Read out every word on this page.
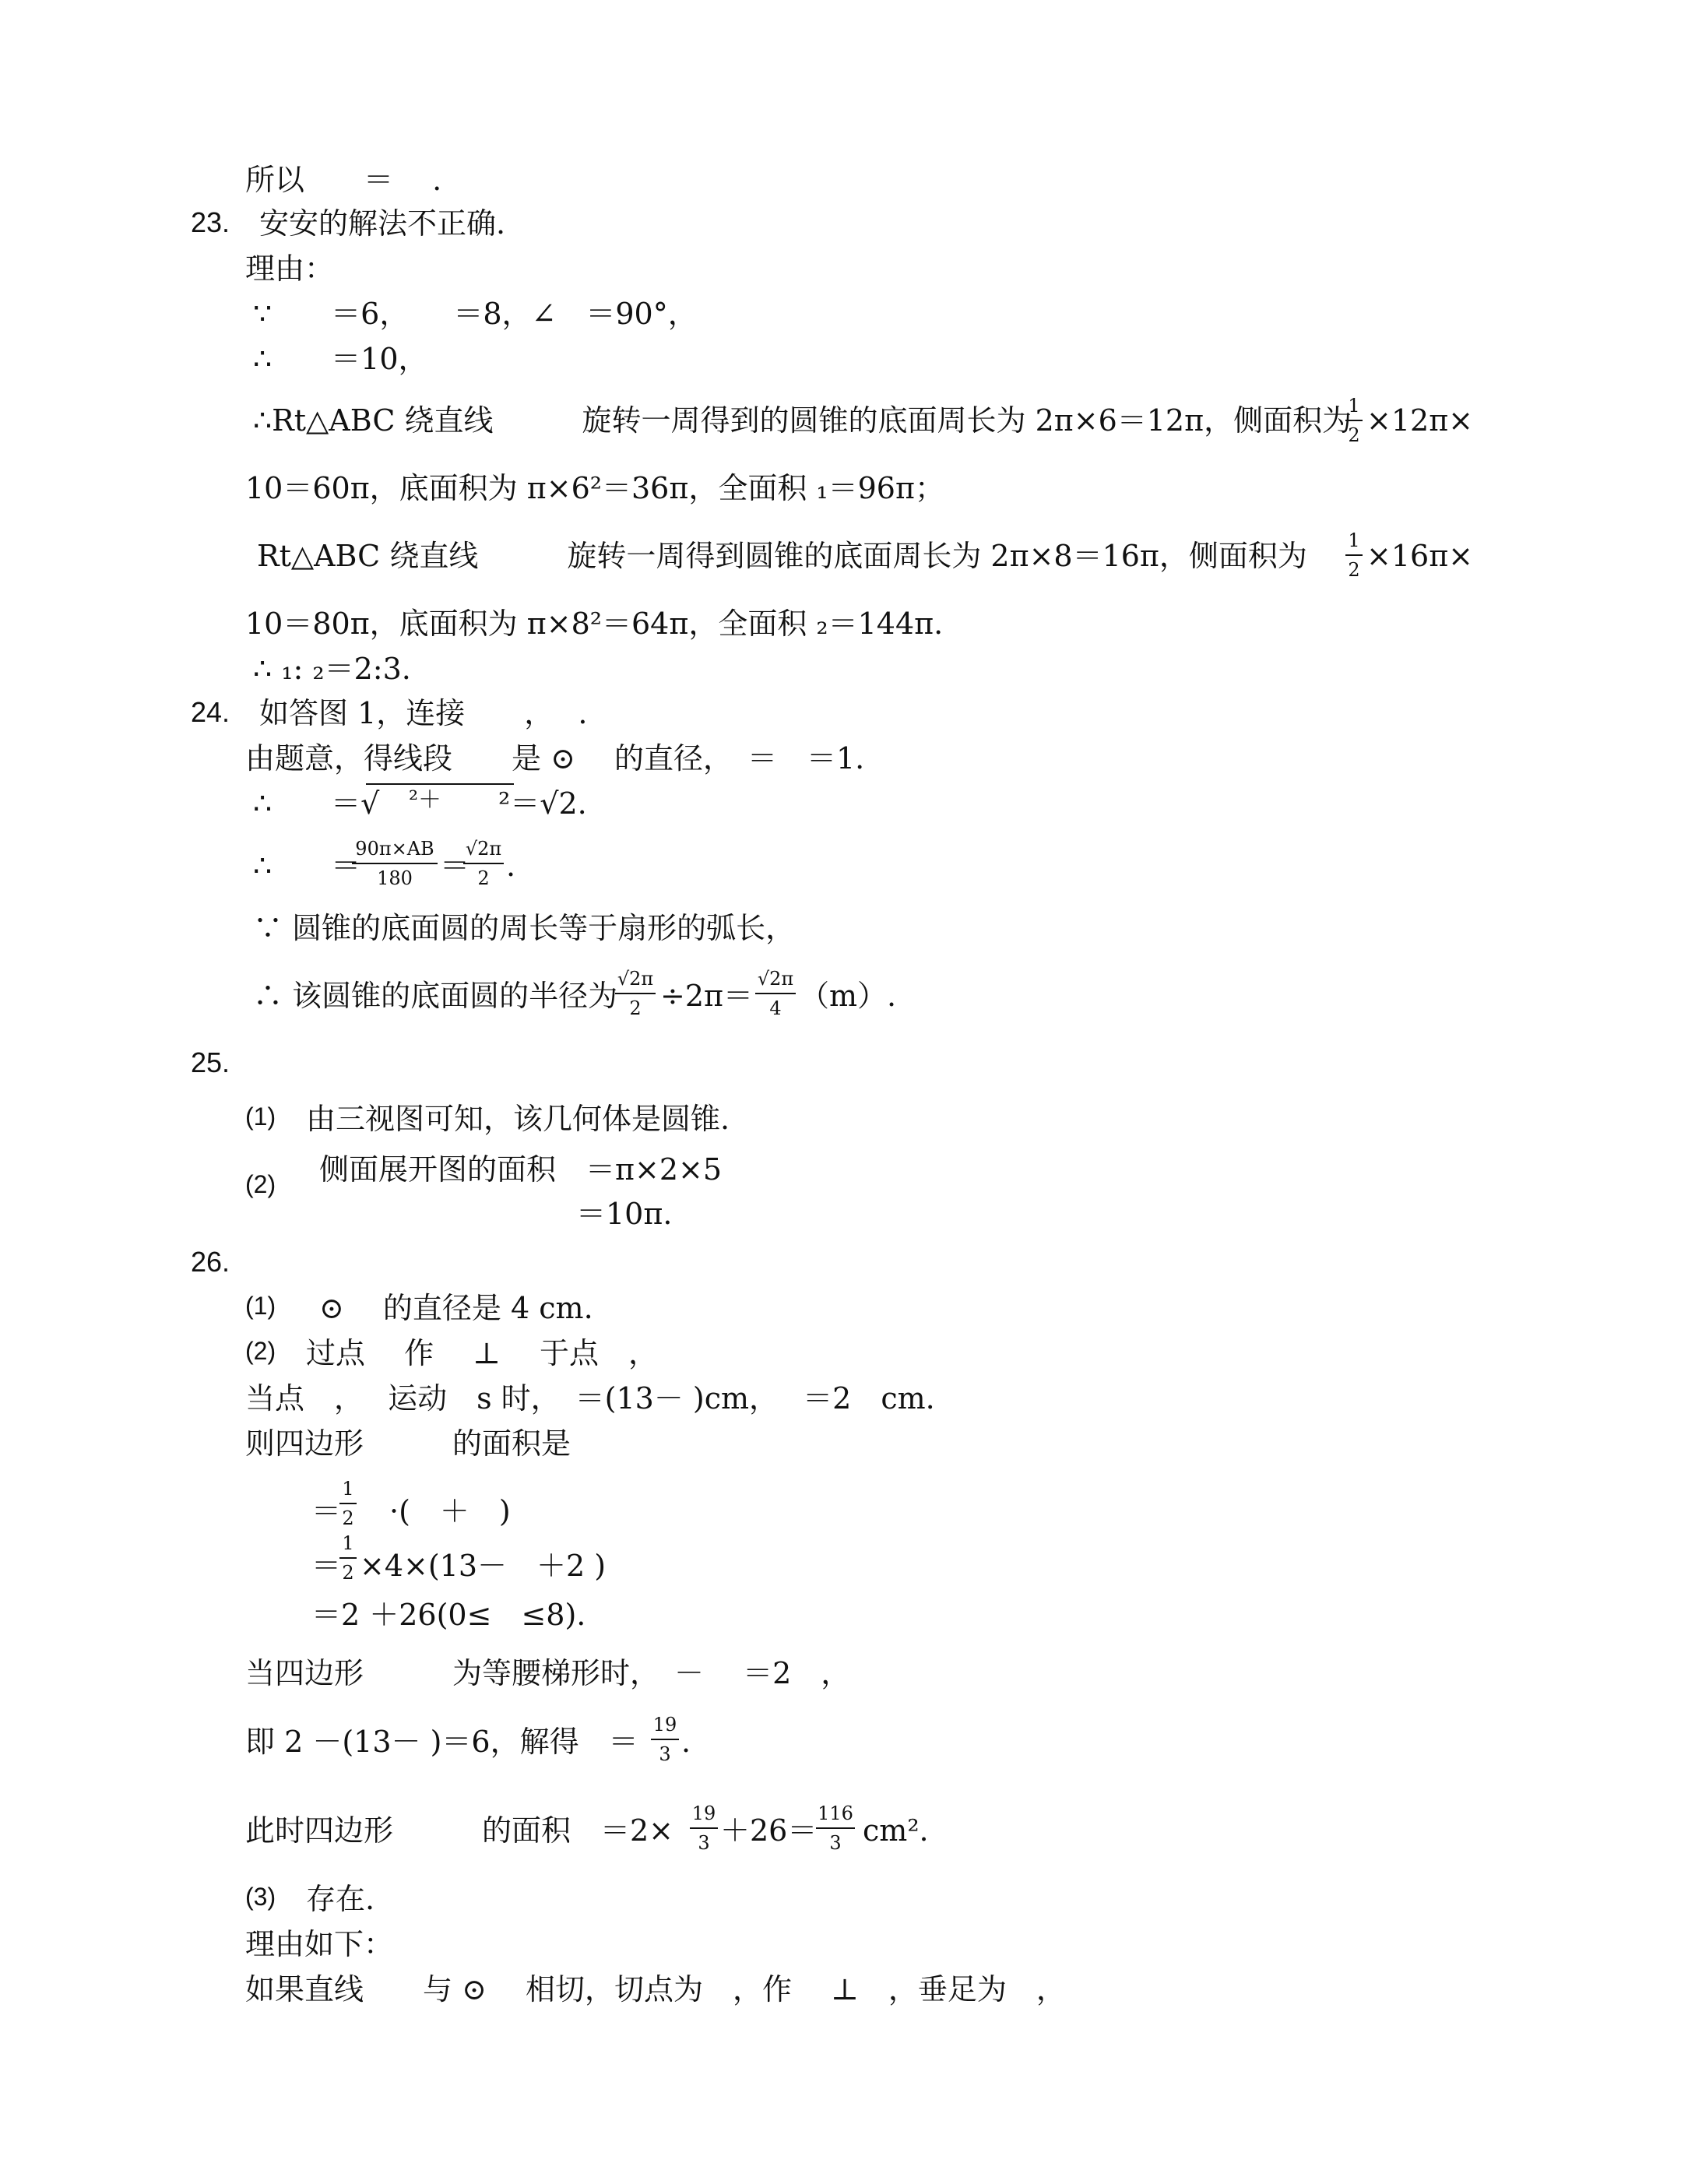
所以　　＝　 .
23. 安安的解法不正确.
理由：
∵　　＝6，　　＝8，∠　＝90°，
∴　　＝10，
∴Rt△ABC 绕直线　　　旋转一周得到的圆锥的底面周长为 2π×6＝12π，侧面积为
1
2 ×12π×
10＝60π，底面积为 π×6²＝36π，全面积 ₁＝96π；
Rt△ABC 绕直线　　　旋转一周得到圆锥的底面周长为 2π×8＝16π，侧面积为 1
2 ×16π×
10＝80π，底面积为 π×8²＝64π，全面积 ₂＝144π.
∴ ₁: ₂＝2:3.
24. 如答图 1，连接　　，　 .
由题意，得线段　　是 ⊙　 的直径，　＝　＝1.
∴　　＝√ ²＋ ²＝√2.
∴　　＝
90π×AB
180 ＝
√2π
2 .
∵ 圆锥的底面圆的周长等于扇形的弧长，
∴ 该圆锥的底面圆的半径为 √2π
2 ÷2π＝ √2π
4 （m）.
25.
(1) 由三视图可知，该几何体是圆锥.
(2) 侧面展开图的面积　＝π×2×5
＝10π.
26.
(1) ⊙　 的直径是 4 cm.
(2) 过点　 作　 ⊥　 于点　，
当点　，　 运动　s 时，　＝(13－ )cm，　 ＝2　cm.
则四边形　　　的面积是
＝
1
2 　·(　＋　)
＝
1
2 ×4×(13－　＋2 )
＝2 ＋26(0≤　≤8).
当四边形　　　为等腰梯形时，　－　 ＝2　，
即 2 －(13－ )＝6，解得　＝ 19
3 .
此时四边形　　　的面积　＝2× 19
3 ＋26＝ 116
3 cm².
(3) 存在.
理由如下：
如果直线　　与 ⊙　 相切，切点为　，作　 ⊥　，垂足为　，
